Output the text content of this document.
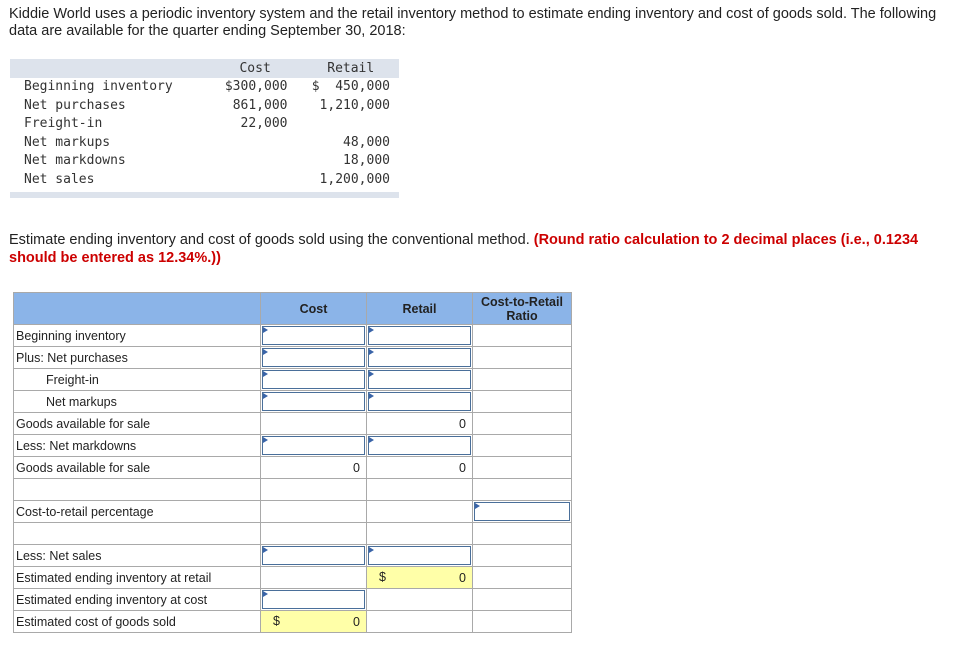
Kiddie World uses a periodic inventory system and the retail inventory method to estimate ending inventory and cost of goods sold. The following data are available for the quarter ending September 30, 2018:
	Cost	Retail
Beginning inventory	$300,000	$  450,000
Net purchases	861,000	1,210,000
Freight-in	22,000	
Net markups		48,000
Net markdowns		18,000
Net sales		1,200,000

Estimate ending inventory and cost of goods sold using the conventional method. (Round ratio calculation to 2 decimal places (i.e., 0.1234 should be entered as 12.34%.))
	Cost	Retail	Cost-to-Retail Ratio
Beginning inventory	

Plus: Net purchases	

Freight-in	

Net markups	

Goods available for sale		0	
Less: Net markdowns	

Goods available for sale	0	0	

Cost-to-retail percentage			

Less: Net sales	

Estimated ending inventory at retail		$ 0	
Estimated ending inventory at cost	

Estimated cost of goods sold	$ 0		
